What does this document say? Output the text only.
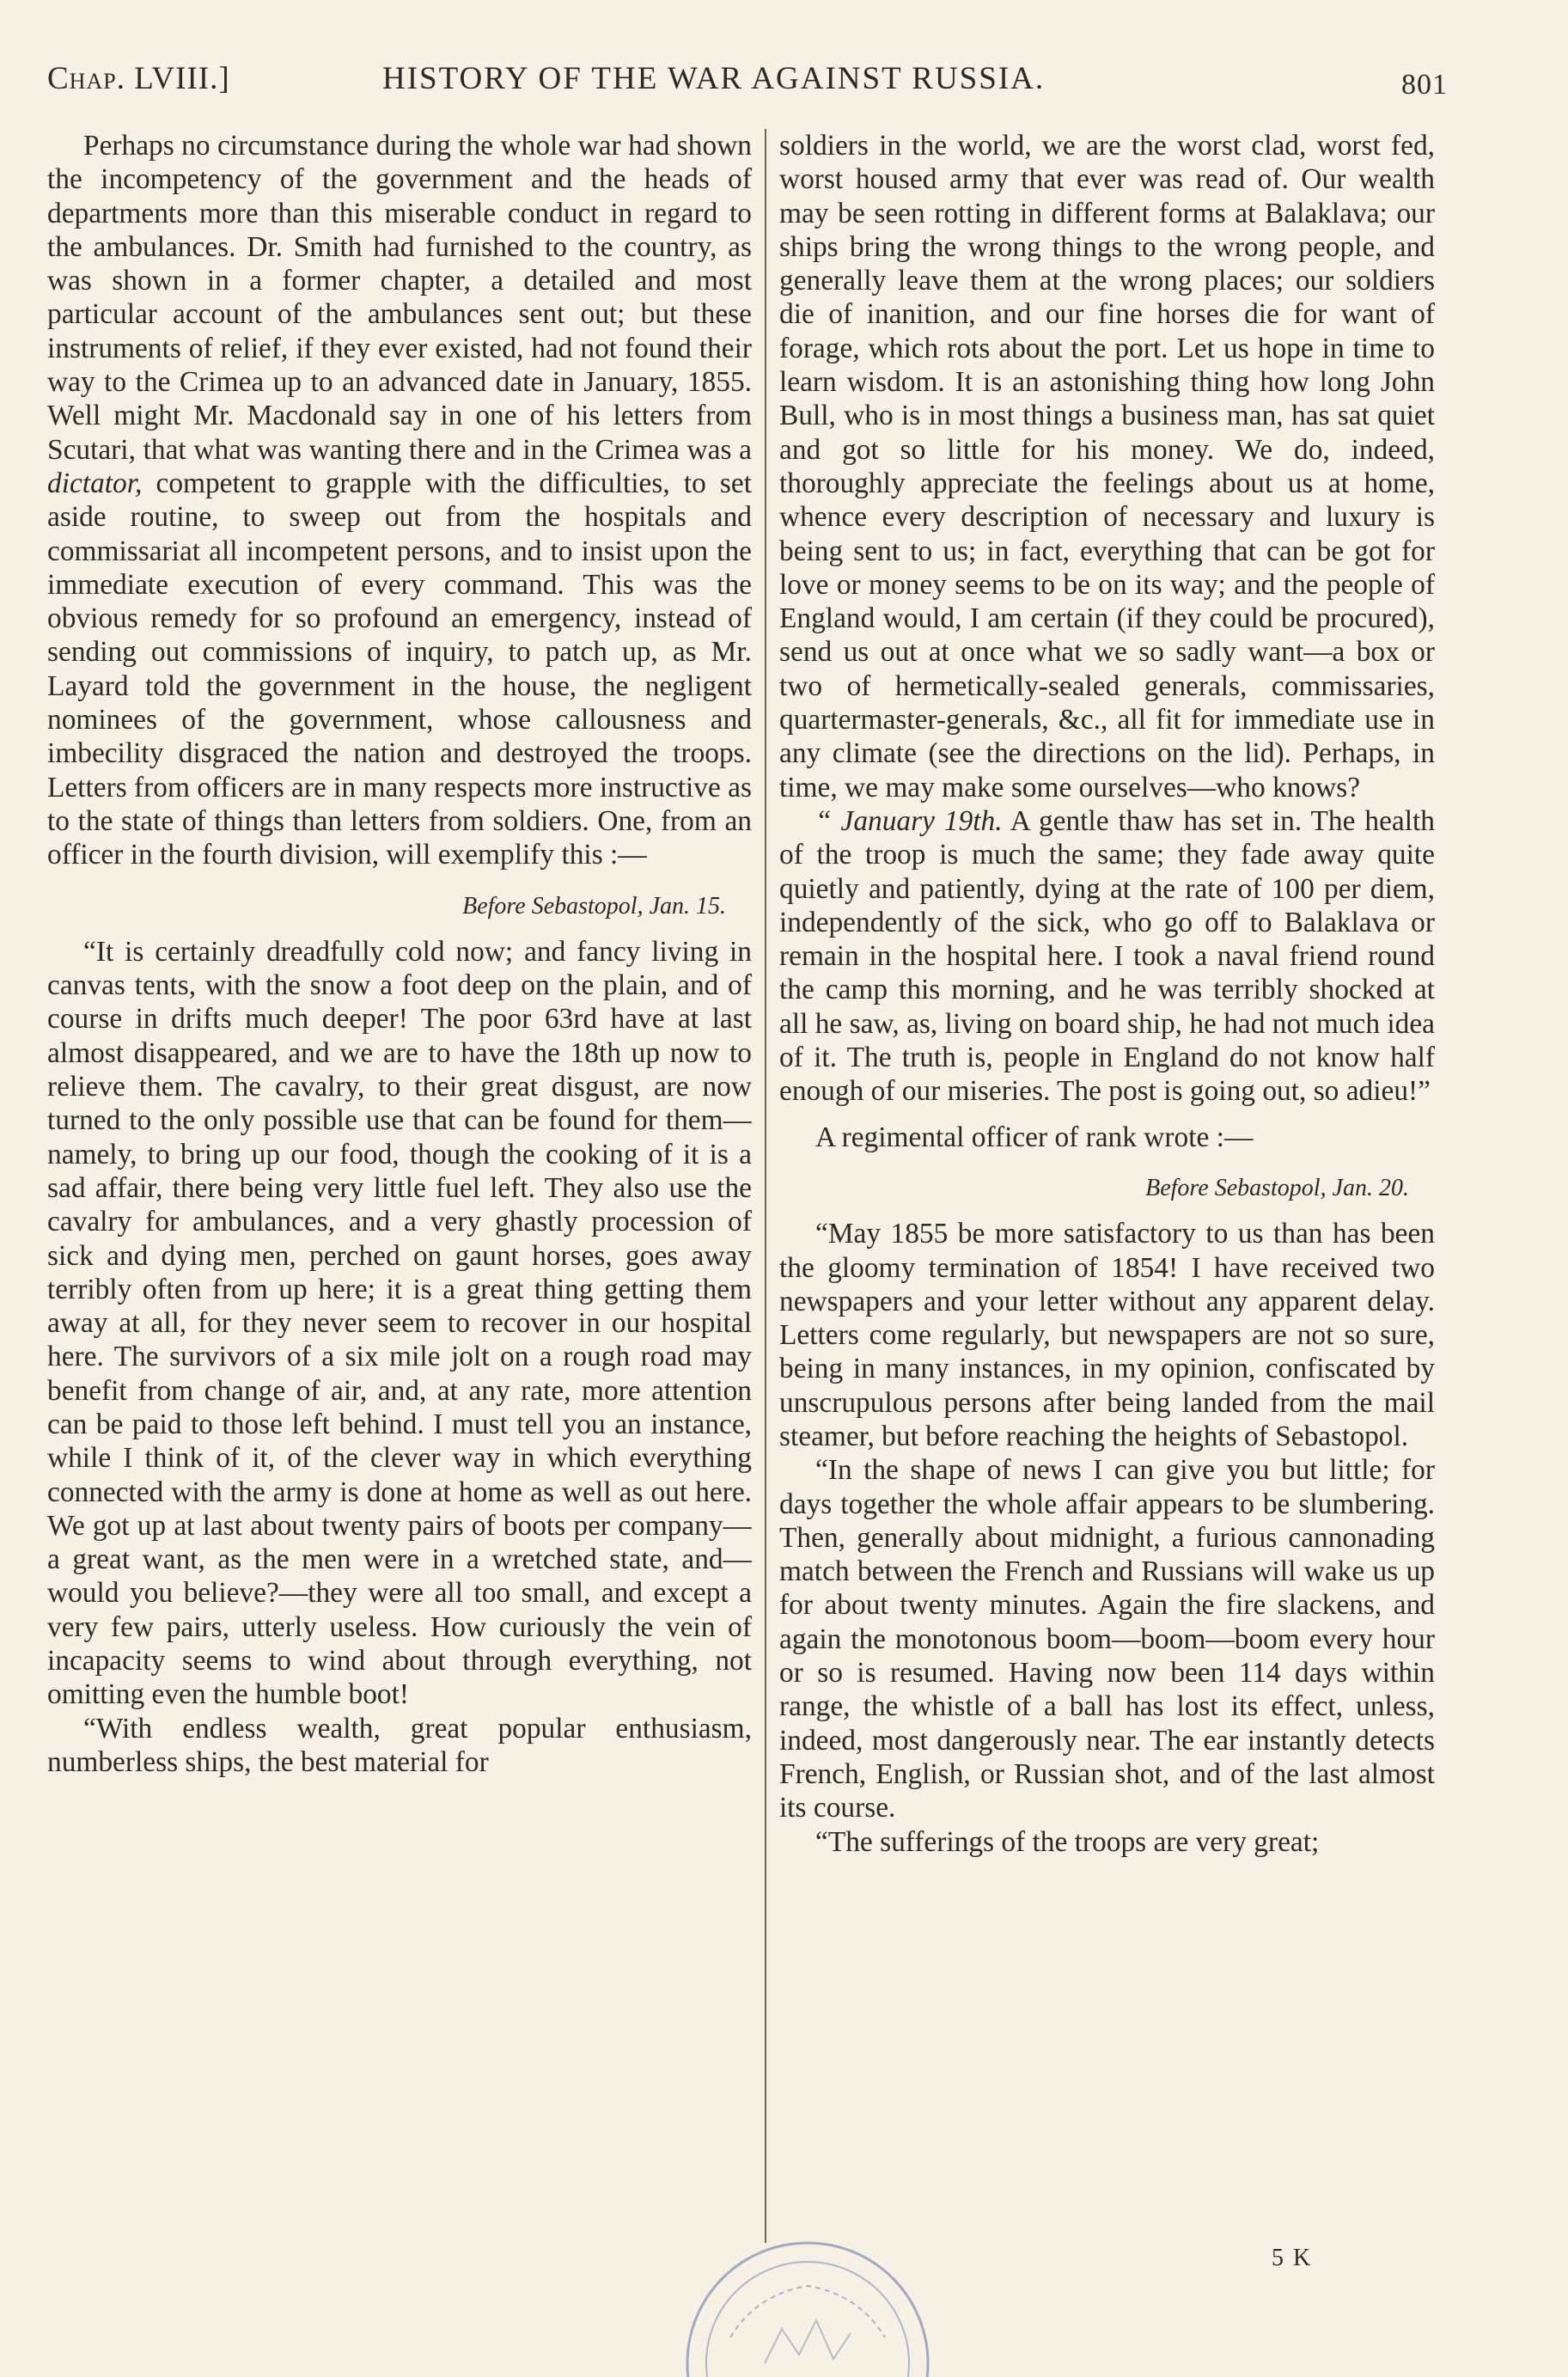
Chap. LVIII.]	HISTORY OF THE WAR AGAINST RUSSIA.	801

Perhaps no circumstance during the whole war had shown the incompetency of the government and the heads of departments more than this miserable conduct in regard to the ambulances. Dr. Smith had furnished to the country, as was shown in a former chapter, a detailed and most particular account of the ambulances sent out; but these instruments of relief, if they ever existed, had not found their way to the Crimea up to an advanced date in January, 1855. Well might Mr. Macdonald say in one of his letters from Scutari, that what was wanting there and in the Crimea was a dictator, competent to grapple with the difficulties, to set aside routine, to sweep out from the hospitals and commissariat all incompetent persons, and to insist upon the immediate execution of every command. This was the obvious remedy for so profound an emergency, instead of sending out commissions of inquiry, to patch up, as Mr. Layard told the government in the house, the negligent nominees of the government, whose callousness and imbecility disgraced the nation and destroyed the troops. Letters from officers are in many respects more instructive as to the state of things than letters from soldiers. One, from an officer in the fourth division, will exemplify this :—

Before Sebastopol, Jan. 15.

“It is certainly dreadfully cold now; and fancy living in canvas tents, with the snow a foot deep on the plain, and of course in drifts much deeper! The poor 63rd have at last almost disappeared, and we are to have the 18th up now to relieve them. The cavalry, to their great disgust, are now turned to the only possible use that can be found for them—namely, to bring up our food, though the cooking of it is a sad affair, there being very little fuel left. They also use the cavalry for ambulances, and a very ghastly procession of sick and dying men, perched on gaunt horses, goes away terribly often from up here; it is a great thing getting them away at all, for they never seem to recover in our hospital here. The survivors of a six mile jolt on a rough road may benefit from change of air, and, at any rate, more attention can be paid to those left behind. I must tell you an instance, while I think of it, of the clever way in which everything connected with the army is done at home as well as out here. We got up at last about twenty pairs of boots per company—a great want, as the men were in a wretched state, and—would you believe?—they were all too small, and except a very few pairs, utterly useless. How curiously the vein of incapacity seems to wind about through everything, not omitting even the humble boot!

“With endless wealth, great popular enthusiasm, numberless ships, the best material for

soldiers in the world, we are the worst clad, worst fed, worst housed army that ever was read of. Our wealth may be seen rotting in different forms at Balaklava; our ships bring the wrong things to the wrong people, and generally leave them at the wrong places; our soldiers die of inanition, and our fine horses die for want of forage, which rots about the port. Let us hope in time to learn wisdom. It is an astonishing thing how long John Bull, who is in most things a business man, has sat quiet and got so little for his money. We do, indeed, thoroughly appreciate the feelings about us at home, whence every description of necessary and luxury is being sent to us; in fact, everything that can be got for love or money seems to be on its way; and the people of England would, I am certain (if they could be procured), send us out at once what we so sadly want—a box or two of hermetically-sealed generals, commissaries, quartermaster-generals, &c., all fit for immediate use in any climate (see the directions on the lid). Perhaps, in time, we may make some ourselves—who knows?

“ January 19th. A gentle thaw has set in. The health of the troop is much the same; they fade away quite quietly and patiently, dying at the rate of 100 per diem, independently of the sick, who go off to Balaklava or remain in the hospital here. I took a naval friend round the camp this morning, and he was terribly shocked at all he saw, as, living on board ship, he had not much idea of it. The truth is, people in England do not know half enough of our miseries. The post is going out, so adieu!”

A regimental officer of rank wrote :—

Before Sebastopol, Jan. 20.

“May 1855 be more satisfactory to us than has been the gloomy termination of 1854! I have received two newspapers and your letter without any apparent delay. Letters come regularly, but newspapers are not so sure, being in many instances, in my opinion, confiscated by unscrupulous persons after being landed from the mail steamer, but before reaching the heights of Sebastopol.

“In the shape of news I can give you but little; for days together the whole affair appears to be slumbering. Then, generally about midnight, a furious cannonading match between the French and Russians will wake us up for about twenty minutes. Again the fire slackens, and again the monotonous boom—boom—boom every hour or so is resumed. Having now been 114 days within range, the whistle of a ball has lost its effect, unless, indeed, most dangerously near. The ear instantly detects French, English, or Russian shot, and of the last almost its course.

“The sufferings of the troops are very great;

5 K
